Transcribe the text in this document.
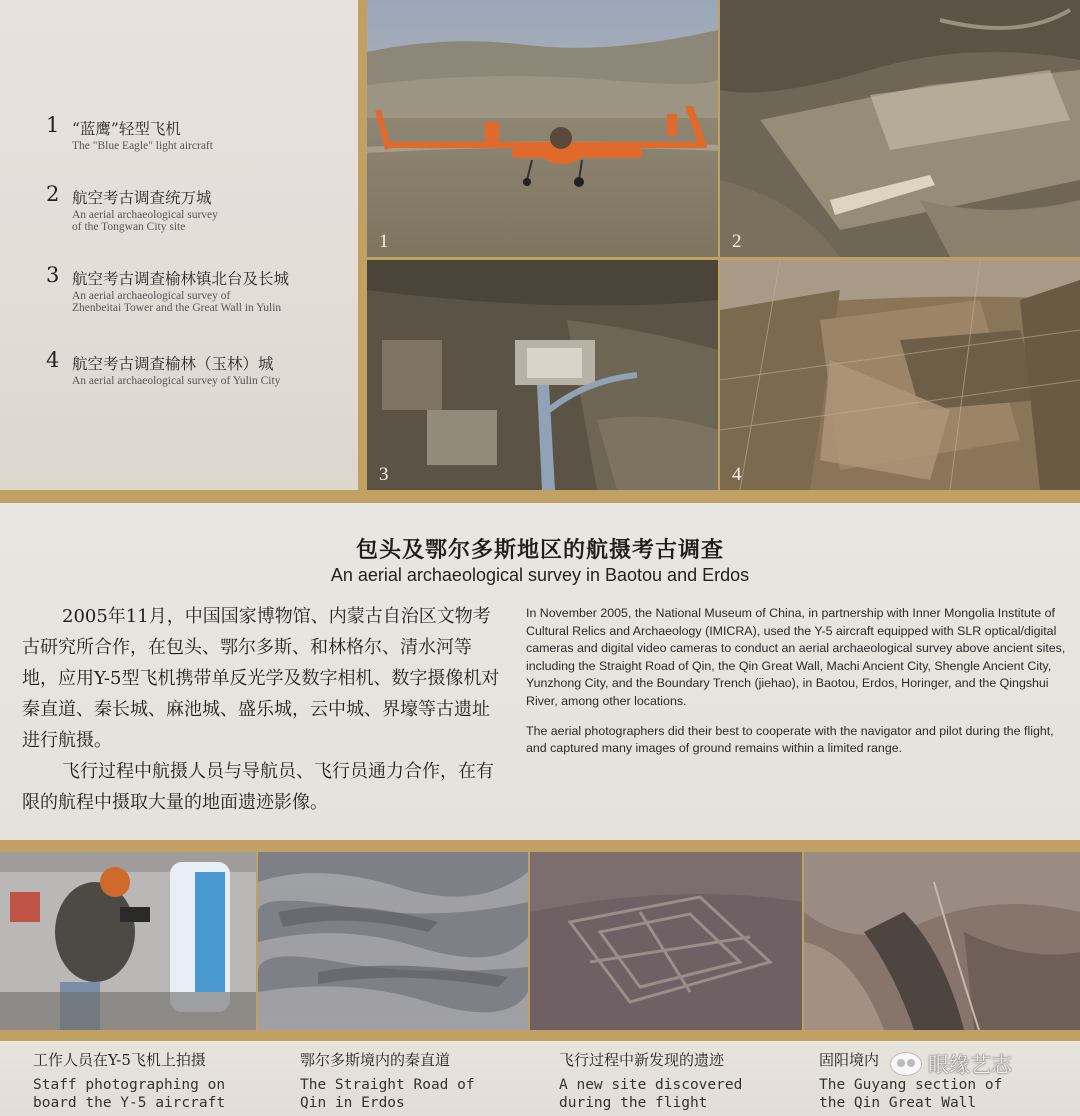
1 “蓝鹰”轻型飞机
The "Blue Eagle" light aircraft
2 航空考古调查统万城
An aerial archaeological survey
of the Tongwan City site
3 航空考古调查榆林镇北台及长城
An aerial archaeological survey of
Zhenbeitai Tower and the Great Wall in Yulin
4 航空考古调查榆林（玉林）城
An aerial archaeological survey of Yulin City
1	2
3	4
包头及鄂尔多斯地区的航摄考古调查
An aerial archaeological survey in Baotou and Erdos

2005年11月，中国国家博物馆、内蒙古自治区文物考古研究所合作，在包头、鄂尔多斯、和林格尔、清水河等地，应用Y-5型飞机携带单反光学及数字相机、数字摄像机对秦直道、秦长城、麻池城、盛乐城，云中城、界壕等古遗址进行航摄。

飞行过程中航摄人员与导航员、飞行员通力合作，在有限的航程中摄取大量的地面遗迹影像。

In November 2005, the National Museum of China, in partnership with Inner Mongolia Institute of Cultural Relics and Archaeology (IMICRA), used the Y-5 aircraft equipped with SLR optical/digital cameras and digital video cameras to conduct an aerial archaeological survey above ancient sites, including the Straight Road of Qin, the Qin Great Wall, Machi Ancient City, Shengle Ancient City, Yunzhong City, and the Boundary Trench (jiehao), in Baotou, Erdos, Horinger, and the Qingshui River, among other locations.

The aerial photographers did their best to cooperate with the navigator and pilot during the flight, and captured many images of ground remains within a limited range.

工作人员在Y-5飞机上拍摄
Staff photographing on
board the Y-5 aircraft
鄂尔多斯境内的秦直道
The Straight Road of
Qin in Erdos
飞行过程中新发现的遗迹
A new site discovered
during the flight
固阳境内
The Guyang section of
the Qin Great Wall
眼缘艺志
